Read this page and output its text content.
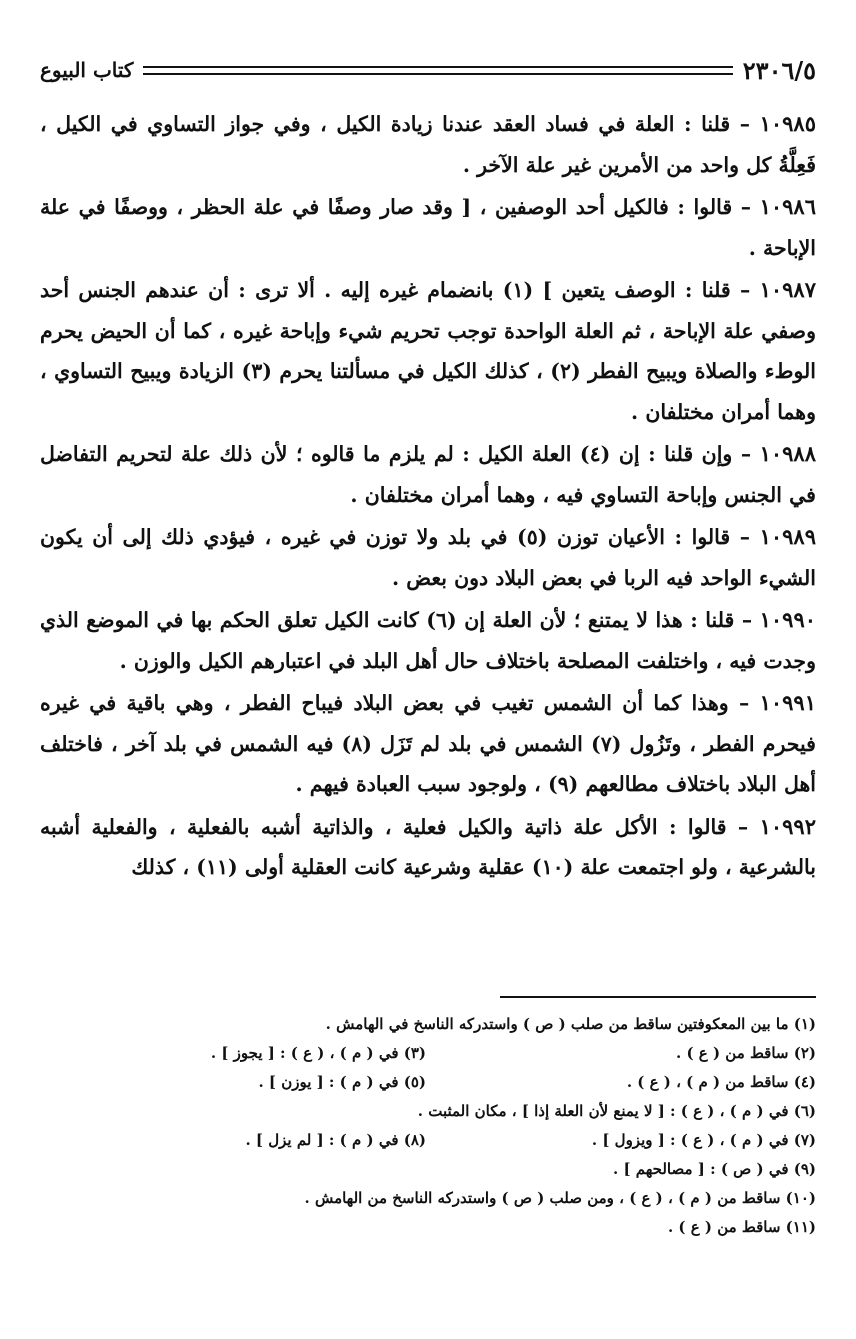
كتاب البيوع	٢٣٠٦/٥

١٠٩٨٥ – قلنا : العلة في فساد العقد عندنا زيادة الكيل ، وفي جواز التساوي في الكيل ، فَعِلَّةُ كل واحد من الأمرين غير علة الآخر .

١٠٩٨٦ – قالوا : فالكيل أحد الوصفين ، [ وقد صار وصفًا في علة الحظر ، ووصفًا في علة الإباحة .

١٠٩٨٧ – قلنا : الوصف يتعين ] (١) بانضمام غيره إليه . ألا ترى : أن عندهم الجنس أحد وصفي علة الإباحة ، ثم العلة الواحدة توجب تحريم شيء وإباحة غيره ، كما أن الحيض يحرم الوطء والصلاة ويبيح الفطر (٢) ، كذلك الكيل في مسألتنا يحرم (٣) الزيادة ويبيح التساوي ، وهما أمران مختلفان .

١٠٩٨٨ – وإن قلنا : إن (٤) العلة الكيل : لم يلزم ما قالوه ؛ لأن ذلك علة لتحريم التفاضل في الجنس وإباحة التساوي فيه ، وهما أمران مختلفان .

١٠٩٨٩ – قالوا : الأعيان توزن (٥) في بلد ولا توزن في غيره ، فيؤدي ذلك إلى أن يكون الشيء الواحد فيه الربا في بعض البلاد دون بعض .

١٠٩٩٠ – قلنا : هذا لا يمتنع ؛ لأن العلة إن (٦) كانت الكيل تعلق الحكم بها في الموضع الذي وجدت فيه ، واختلفت المصلحة باختلاف حال أهل البلد في اعتبارهم الكيل والوزن .

١٠٩٩١ – وهذا كما أن الشمس تغيب في بعض البلاد فيباح الفطر ، وهي باقية في غيره فيحرم الفطر ، وتَزُول (٧) الشمس في بلد لم تَزَل (٨) فيه الشمس في بلد آخر ، فاختلف أهل البلاد باختلاف مطالعهم (٩) ، ولوجود سبب العبادة فيهم .

١٠٩٩٢ – قالوا : الأكل علة ذاتية والكيل فعلية ، والذاتية أشبه بالفعلية ، والفعلية أشبه بالشرعية ، ولو اجتمعت علة (١٠) عقلية وشرعية كانت العقلية أولى (١١) ، كذلك

(١) ما بين المعكوفتين ساقط من صلب ( ص ) واستدركه الناسخ في الهامش .
(٢) ساقط من ( ع ) .
(٣) في ( م ) ، ( ع ) : [ يجوز ] .
(٤) ساقط من ( م ) ، ( ع ) .
(٥) في ( م ) : [ يوزن ] .
(٦) في ( م ) ، ( ع ) : [ لا يمنع لأن العلة إذا ] ، مكان المثبت .
(٧) في ( م ) ، ( ع ) : [ ويزول ] .
(٨) في ( م ) : [ لم يزل ] .
(٩) في ( ص ) : [ مصالحهم ] .
(١٠) ساقط من ( م ) ، ( ع ) ، ومن صلب ( ص ) واستدركه الناسخ من الهامش .
(١١) ساقط من ( ع ) .
